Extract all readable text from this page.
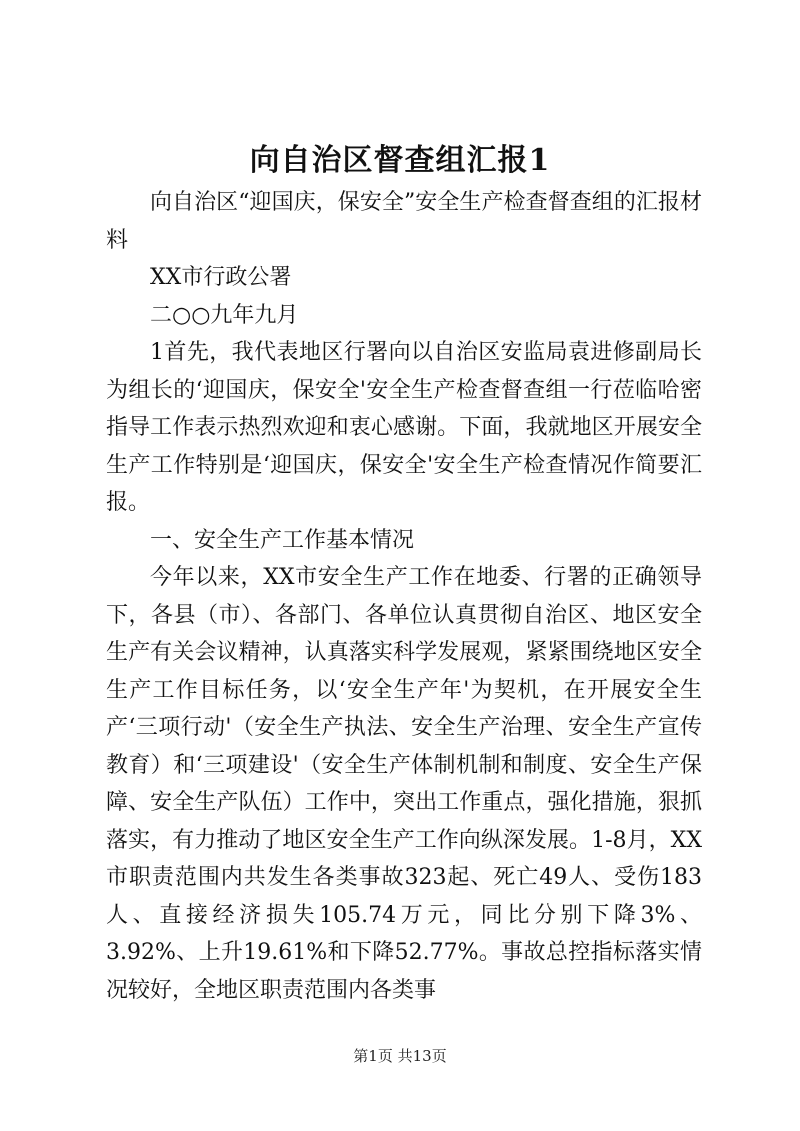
向自治区督查组汇报1

向自治区“迎国庆，保安全”安全生产检查督查组的汇报材料

XX市行政公署

二○○九年九月

1首先，我代表地区行署向以自治区安监局袁进修副局长为组长的‘迎国庆，保安全'安全生产检查督查组一行莅临哈密指导工作表示热烈欢迎和衷心感谢。下面，我就地区开展安全生产工作特别是‘迎国庆，保安全'安全生产检查情况作简要汇报。

一、安全生产工作基本情况

今年以来，XX市安全生产工作在地委、行署的正确领导下，各县（市）、各部门、各单位认真贯彻自治区、地区安全生产有关会议精神，认真落实科学发展观，紧紧围绕地区安全生产工作目标任务，以‘安全生产年'为契机，在开展安全生产‘三项行动'（安全生产执法、安全生产治理、安全生产宣传教育）和‘三项建设'（安全生产体制机制和制度、安全生产保障、安全生产队伍）工作中，突出工作重点，强化措施，狠抓落实，有力推动了地区安全生产工作向纵深发展。1-8月，XX市职责范围内共发生各类事故323起、死亡49人、受伤183人、直接经济损失105.74万元，同比分别下降3%、3.92%、上升19.61%和下降52.77%。事故总控指标落实情况较好，全地区职责范围内各类事

第1页 共13页
